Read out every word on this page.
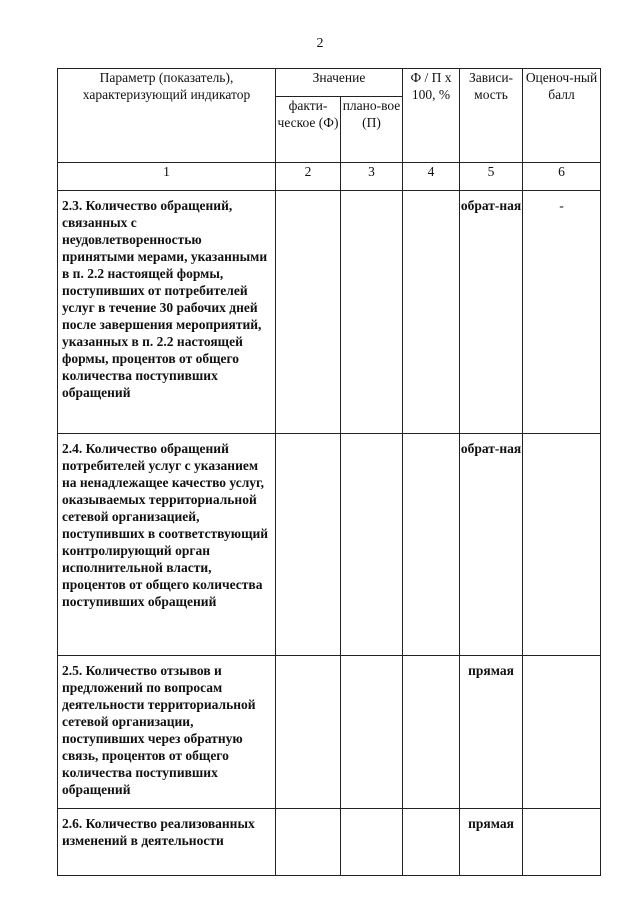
2
Параметр (показатель), характеризующий индикатор	Значение		Ф / П x 100, %	Зависи-мость	Оценоч-ный балл
	факти-ческое (Ф)	плано-вое (П)			
1	2	3	4	5	6
2.3. Количество обращений, связанных с неудовлетворенностью принятыми мерами, указанными в п. 2.2 настоящей формы, поступивших от потребителей услуг в течение 30 рабочих дней после завершения мероприятий, указанных в п. 2.2 настоящей формы, процентов от общего количества поступивших обращений				обрат-ная	-
2.4. Количество обращений потребителей услуг с указанием на ненадлежащее качество услуг, оказываемых территориальной сетевой организацией, поступивших в соответствующий контролирующий орган исполнительной власти, процентов от общего количества поступивших обращений				обрат-ная	
2.5. Количество отзывов и предложений по вопросам деятельности территориальной сетевой организации, поступивших через обратную связь, процентов от общего количества поступивших обращений				прямая	
2.6. Количество реализованных изменений в деятельности				прямая	
